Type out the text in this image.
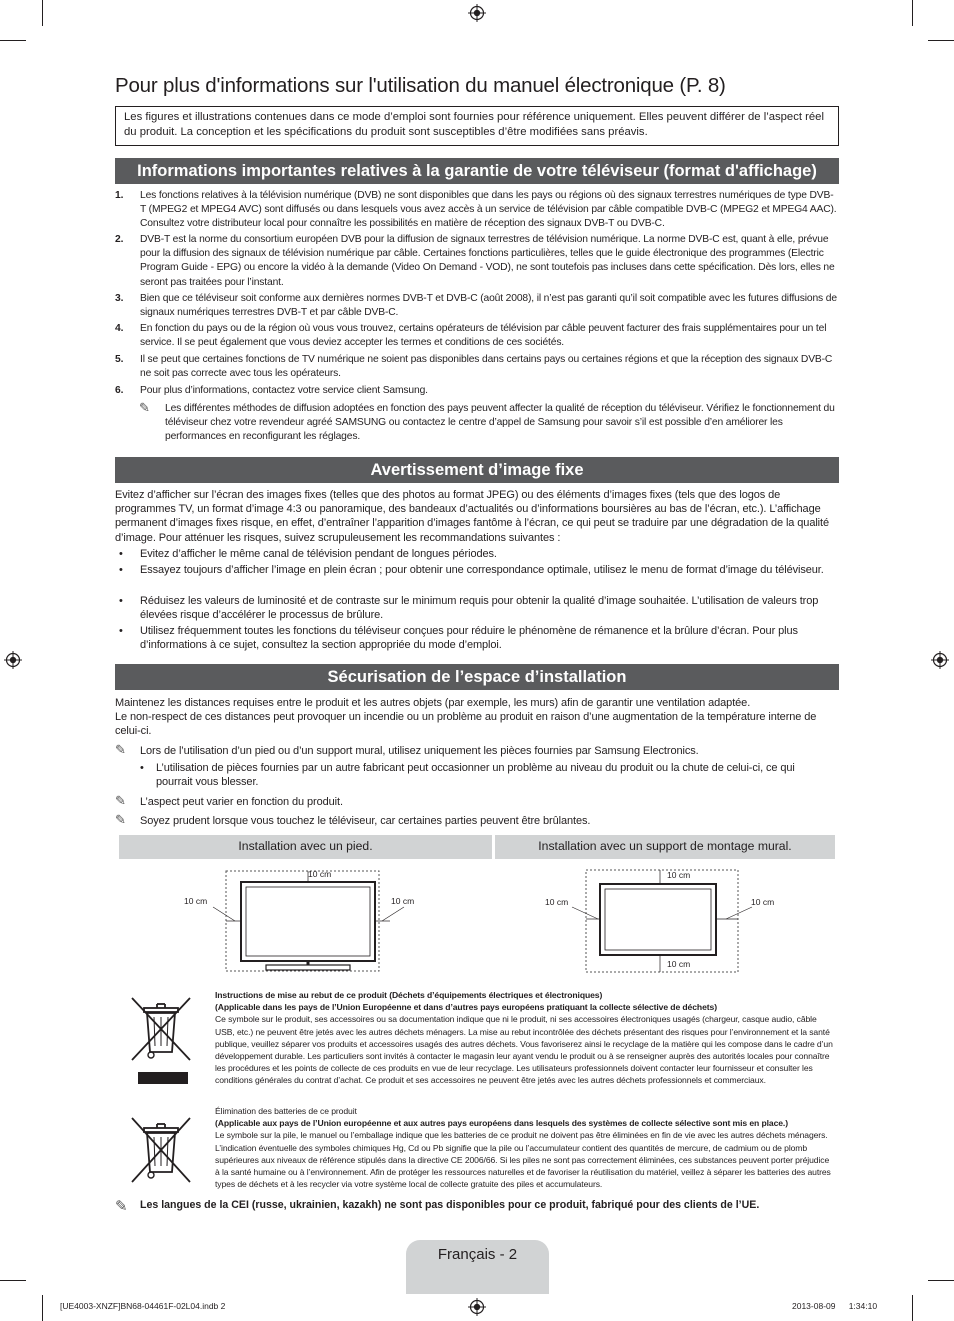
Pour plus d'informations sur l'utilisation du manuel électronique (P. 8)
Les figures et illustrations contenues dans ce mode d’emploi sont fournies pour référence uniquement. Elles peuvent différer de l’aspect réel du produit. La conception et les spécifications du produit sont susceptibles d’être modifiées sans préavis.
Informations importantes relatives à la garantie de votre téléviseur (format d'affichage)
1. Les fonctions relatives à la télévision numérique (DVB) ne sont disponibles que dans les pays ou régions où des signaux terrestres numériques de type DVB-T (MPEG2 et MPEG4 AVC) sont diffusés ou dans lesquels vous avez accès à un service de télévision par câble compatible DVB-C (MPEG2 et MPEG4 AAC). Consultez votre distributeur local pour connaître les possibilités en matière de réception des signaux DVB-T ou DVB-C.
2. DVB-T est la norme du consortium européen DVB pour la diffusion de signaux terrestres de télévision numérique. La norme DVB-C est, quant à elle, prévue pour la diffusion des signaux de télévision numérique par câble. Certaines fonctions particulières, telles que le guide électronique des programmes (Electric Program Guide - EPG) ou encore la vidéo à la demande (Video On Demand - VOD), ne sont toutefois pas incluses dans cette spécification. Dès lors, elles ne seront pas traitées pour l’instant.
3. Bien que ce téléviseur soit conforme aux dernières normes DVB-T et DVB-C (août 2008), il n’est pas garanti qu’il soit compatible avec les futures diffusions de signaux numériques terrestres DVB-T et par câble DVB-C.
4. En fonction du pays ou de la région où vous vous trouvez, certains opérateurs de télévision par câble peuvent facturer des frais supplémentaires pour un tel service. Il se peut également que vous deviez accepter les termes et conditions de ces sociétés.
5. Il se peut que certaines fonctions de TV numérique ne soient pas disponibles dans certains pays ou certaines régions et que la réception des signaux DVB-C ne soit pas correcte avec tous les opérateurs.
6. Pour plus d’informations, contactez votre service client Samsung.
✎ Les différentes méthodes de diffusion adoptées en fonction des pays peuvent affecter la qualité de réception du téléviseur. Vérifiez le fonctionnement du téléviseur chez votre revendeur agréé SAMSUNG ou contactez le centre d’appel de Samsung pour savoir s’il est possible d’en améliorer les performances en reconfigurant les réglages.
Avertissement d’image fixe
Evitez d’afficher sur l’écran des images fixes (telles que des photos au format JPEG) ou des éléments d’images fixes (tels que des logos de programmes TV, un format d’image 4:3 ou panoramique, des bandeaux d’actualités ou d’informations boursières au bas de l’écran, etc.). L’affichage permanent d’images fixes risque, en effet, d’entraîner l’apparition d’images fantôme à l’écran, ce qui peut se traduire par une dégradation de la qualité d’image. Pour atténuer les risques, suivez scrupuleusement les recommandations suivantes :
• Evitez d’afficher le même canal de télévision pendant de longues périodes.
• Essayez toujours d’afficher l’image en plein écran ; pour obtenir une correspondance optimale, utilisez le menu de format d’image du téléviseur.
• Réduisez les valeurs de luminosité et de contraste sur le minimum requis pour obtenir la qualité d’image souhaitée. L’utilisation de valeurs trop élevées risque d’accélérer le processus de brûlure.
• Utilisez fréquemment toutes les fonctions du téléviseur conçues pour réduire le phénomène de rémanence et la brûlure d’écran. Pour plus d’informations à ce sujet, consultez la section appropriée du mode d’emploi.
Sécurisation de l’espace d’installation
Maintenez les distances requises entre le produit et les autres objets (par exemple, les murs) afin de garantir une ventilation adaptée.
Le non-respect de ces distances peut provoquer un incendie ou un problème au produit en raison d’une augmentation de la température interne de celui-ci.
✎ Lors de l’utilisation d’un pied ou d’un support mural, utilisez uniquement les pièces fournies par Samsung Electronics.
• L’utilisation de pièces fournies par un autre fabricant peut occasionner un problème au niveau du produit ou la chute de celui-ci, ce qui pourrait vous blesser.
✎ L’aspect peut varier en fonction du produit.
✎ Soyez prudent lorsque vous touchez le téléviseur, car certaines parties peuvent être brûlantes.
Installation avec un pied.	Installation avec un support de montage mural.
10 cm
10 cm	10 cm
10 cm
10 cm	10 cm
10 cm
Instructions de mise au rebut de ce produit (Déchets d’équipements électriques et électroniques)
(Applicable dans les pays de l’Union Européenne et dans d’autres pays européens pratiquant la collecte sélective de déchets)
Ce symbole sur le produit, ses accessoires ou sa documentation indique que ni le produit, ni ses accessoires électroniques usagés (chargeur, casque audio, câble USB, etc.) ne peuvent être jetés avec les autres déchets ménagers. La mise au rebut incontrôlée des déchets présentant des risques pour l’environnement et la santé publique, veuillez séparer vos produits et accessoires usagés des autres déchets. Vous favoriserez ainsi le recyclage de la matière qui les compose dans le cadre d’un développement durable. Les particuliers sont invités à contacter le magasin leur ayant vendu le produit ou à se renseigner auprès des autorités locales pour connaître les procédures et les points de collecte de ces produits en vue de leur recyclage. Les utilisateurs professionnels doivent contacter leur fournisseur et consulter les conditions générales du contrat d’achat. Ce produit et ses accessoires ne peuvent être jetés avec les autres déchets professionnels et commerciaux.
Élimination des batteries de ce produit
(Applicable aux pays de l’Union européenne et aux autres pays européens dans lesquels des systèmes de collecte sélective sont mis en place.)
Le symbole sur la pile, le manuel ou l’emballage indique que les batteries de ce produit ne doivent pas être éliminées en fin de vie avec les autres déchets ménagers. L’indication éventuelle des symboles chimiques Hg, Cd ou Pb signifie que la pile ou l’accumulateur contient des quantités de mercure, de cadmium ou de plomb supérieures aux niveaux de référence stipulés dans la directive CE 2006/66. Si les piles ne sont pas correctement éliminées, ces substances peuvent porter préjudice à la santé humaine ou à l’environnement. Afin de protéger les ressources naturelles et de favoriser la réutilisation du matériel, veillez à séparer les batteries des autres types de déchets et à les recycler via votre système local de collecte gratuite des piles et accumulateurs.
✎ Les langues de la CEI (russe, ukrainien, kazakh) ne sont pas disponibles pour ce produit, fabriqué pour des clients de l’UE.
Français - 2
[UE4003-XNZF]BN68-04461F-02L04.indb 2	2013-08-09   1:34:10
